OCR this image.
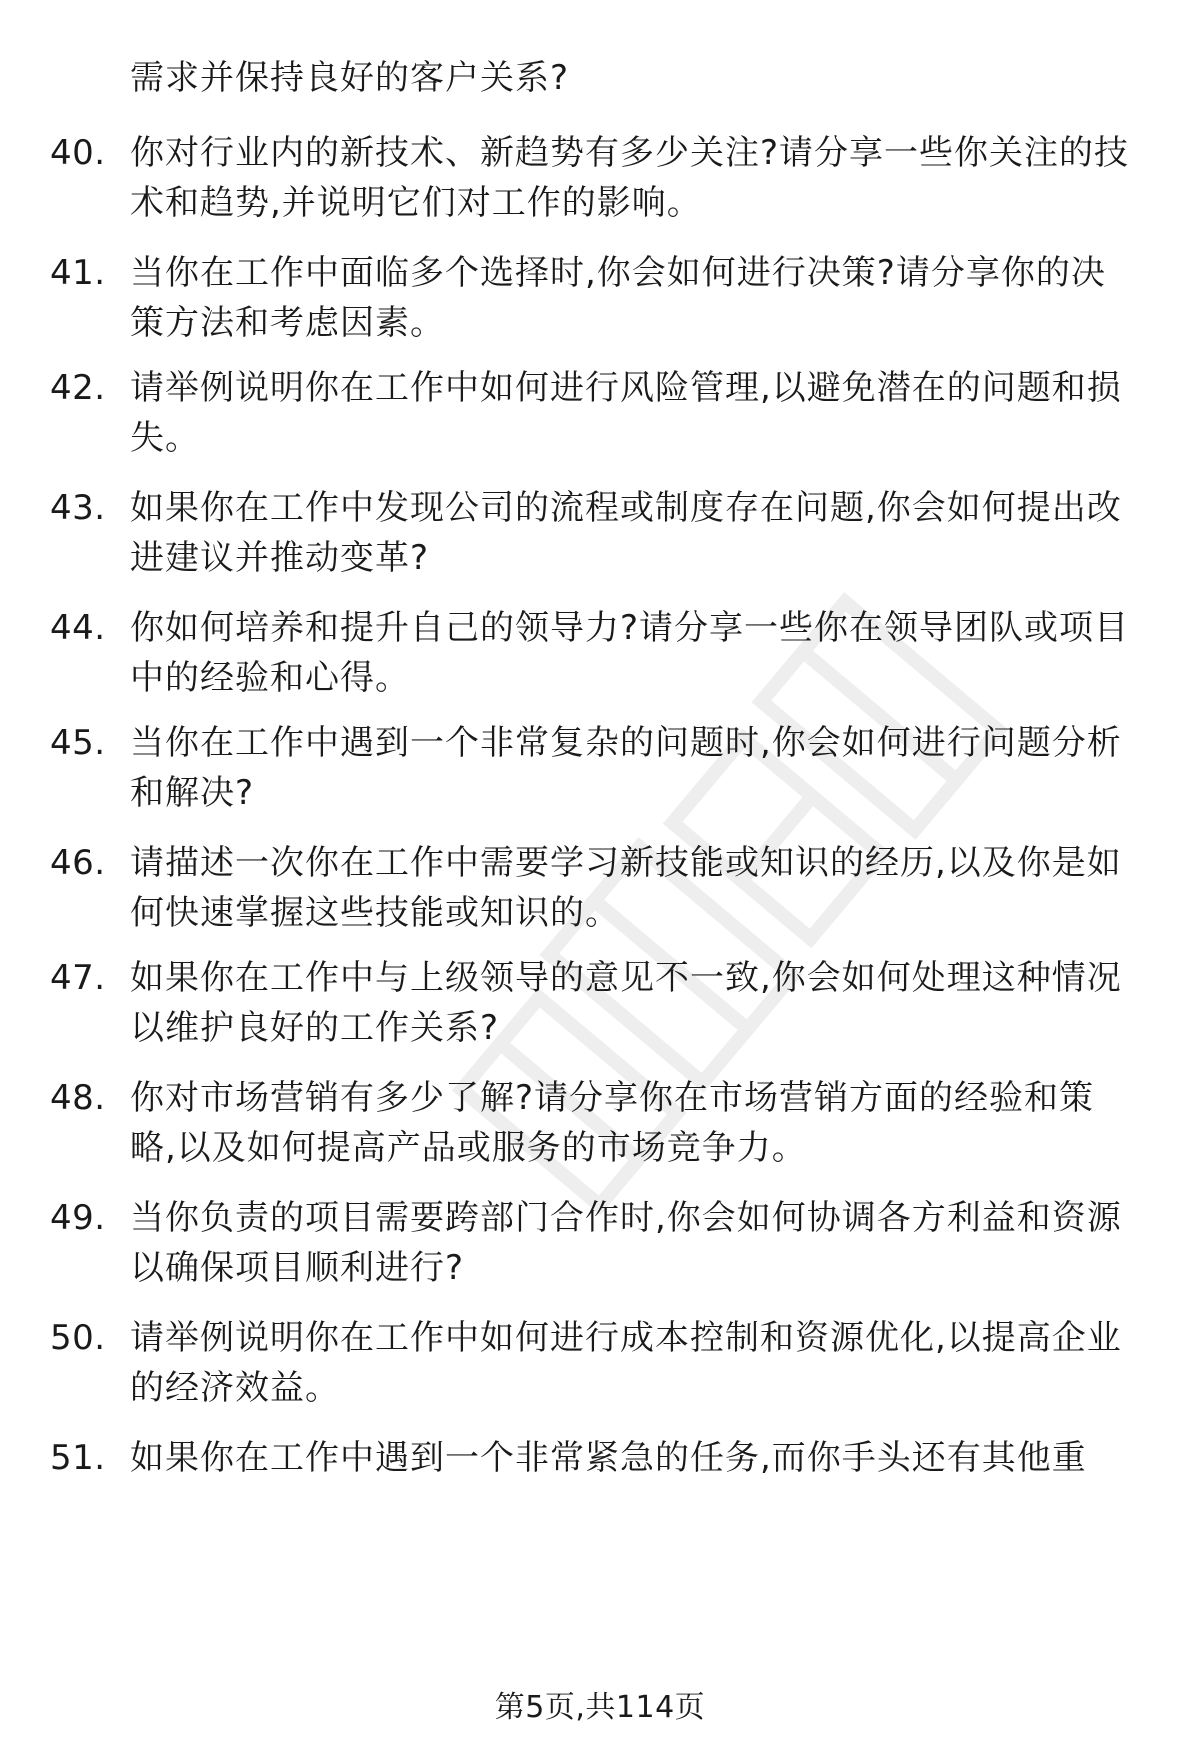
需求并保持良好的客户关系?
40. 你对行业内的新技术、新趋势有多少关注?请分享一些你关注的技术和趋势,并说明它们对工作的影响。
41. 当你在工作中面临多个选择时,你会如何进行决策?请分享你的决策方法和考虑因素。
42. 请举例说明你在工作中如何进行风险管理,以避免潜在的问题和损失。
43. 如果你在工作中发现公司的流程或制度存在问题,你会如何提出改进建议并推动变革?
44. 你如何培养和提升自己的领导力?请分享一些你在领导团队或项目中的经验和心得。
45. 当你在工作中遇到一个非常复杂的问题时,你会如何进行问题分析和解决?
46. 请描述一次你在工作中需要学习新技能或知识的经历,以及你是如何快速掌握这些技能或知识的。
47. 如果你在工作中与上级领导的意见不一致,你会如何处理这种情况以维护良好的工作关系?
48. 你对市场营销有多少了解?请分享你在市场营销方面的经验和策略,以及如何提高产品或服务的市场竞争力。
49. 当你负责的项目需要跨部门合作时,你会如何协调各方利益和资源以确保项目顺利进行?
50. 请举例说明你在工作中如何进行成本控制和资源优化,以提高企业的经济效益。
51. 如果你在工作中遇到一个非常紧急的任务,而你手头还有其他重
第5页,共114页
